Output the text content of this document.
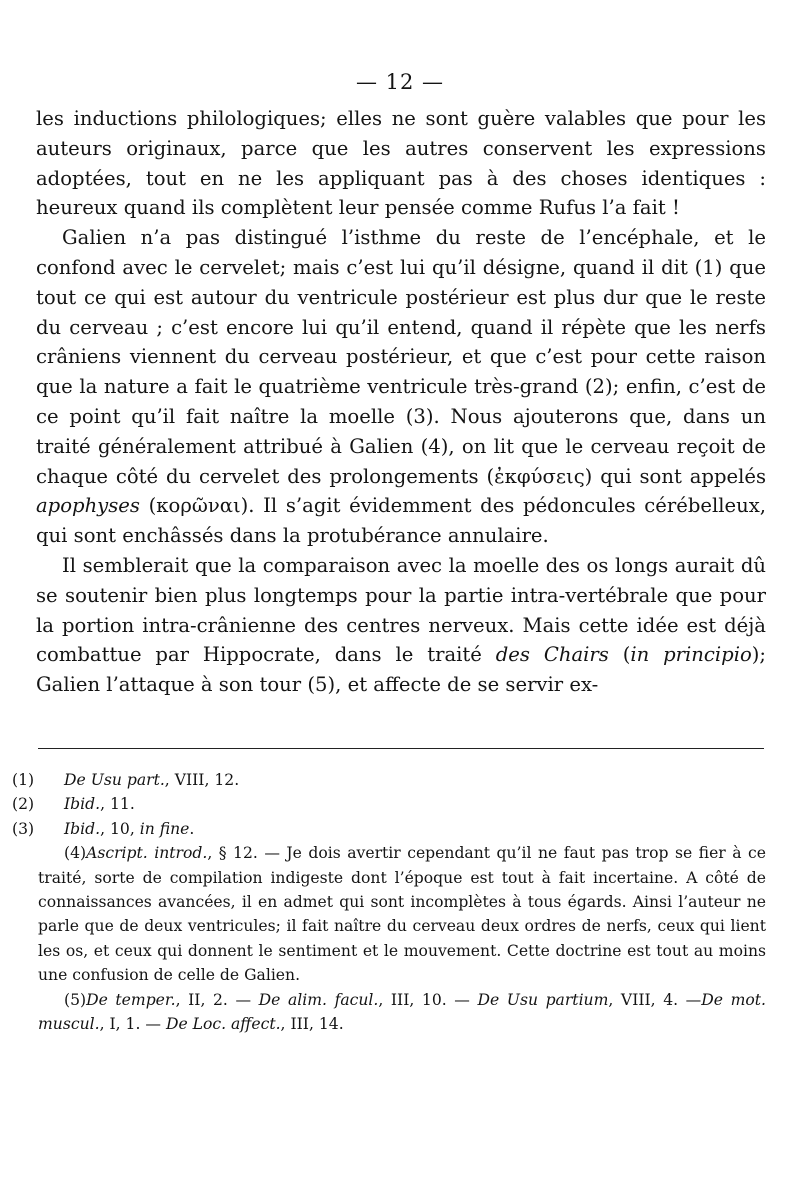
— 12 —

les inductions philologiques; elles ne sont guère valables que pour les auteurs originaux, parce que les autres conservent les expressions adoptées, tout en ne les appliquant pas à des choses identiques : heureux quand ils complètent leur pensée comme Rufus l’a fait !

Galien n’a pas distingué l’isthme du reste de l’encéphale, et le confond avec le cervelet; mais c’est lui qu’il désigne, quand il dit (1) que tout ce qui est autour du ventricule postérieur est plus dur que le reste du cerveau ; c’est encore lui qu’il entend, quand il répète que les nerfs crâniens viennent du cerveau postérieur, et que c’est pour cette raison que la nature a fait le quatrième ventricule très-grand (2); enfin, c’est de ce point qu’il fait naître la moelle (3). Nous ajouterons que, dans un traité généralement attribué à Galien (4), on lit que le cerveau reçoit de chaque côté du cervelet des prolongements (ἐκφύσεις) qui sont appelés apophyses (κορῶναι). Il s’agit évidemment des pédoncules cérébelleux, qui sont enchâssés dans la protubérance annulaire.

Il semblerait que la comparaison avec la moelle des os longs aurait dû se soutenir bien plus longtemps pour la partie intra-vertébrale que pour la portion intra-crânienne des centres nerveux. Mais cette idée est déjà combattue par Hippocrate, dans le traité des Chairs (in principio); Galien l’attaque à son tour (5), et affecte de se servir ex-

(1) De Usu part., VIII, 12.

(2) Ibid., 11.

(3) Ibid., 10, in fine.

(4)Ascript. introd., § 12. — Je dois avertir cependant qu’il ne faut pas trop se fier à ce traité, sorte de compilation indigeste dont l’époque est tout à fait incertaine. A côté de connaissances avancées, il en admet qui sont incomplètes à tous égards. Ainsi l’auteur ne parle que de deux ventricules; il fait naître du cerveau deux ordres de nerfs, ceux qui lient les os, et ceux qui donnent le sentiment et le mouvement. Cette doctrine est tout au moins une confusion de celle de Galien.

(5)De temper., II, 2. — De alim. facul., III, 10. — De Usu partium, VIII, 4. —De mot. muscul., I, 1. — De Loc. affect., III, 14.
